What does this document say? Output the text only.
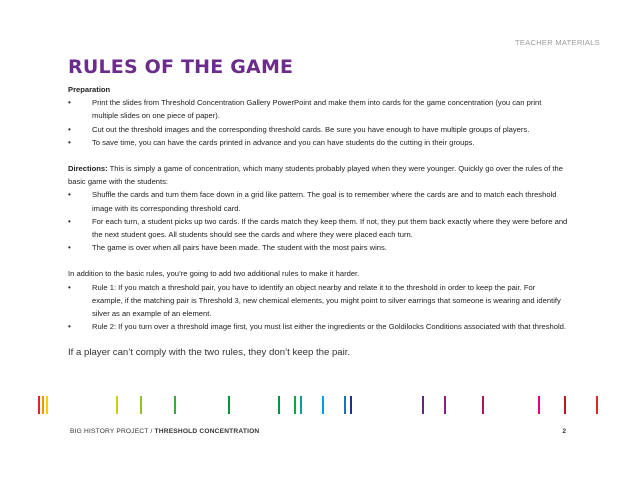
TEACHER MATERIALS
RULES OF THE GAME
Preparation
• Print the slides from Threshold Concentration Gallery PowerPoint and make them into cards for the game concentration (you can print multiple slides on one piece of paper).
• Cut out the threshold images and the corresponding threshold cards. Be sure you have enough to have multiple groups of players.
• To save time, you can have the cards printed in advance and you can have students do the cutting in their groups.
Directions: This is simply a game of concentration, which many students probably played when they were younger. Quickly go over the rules of the basic game with the students:
• Shuffle the cards and turn them face down in a grid like pattern. The goal is to remember where the cards are and to match each threshold image with its corresponding threshold card.
• For each turn, a student picks up two cards. If the cards match they keep them. If not, they put them back exactly where they were before and the next student goes. All students should see the cards and where they were placed each turn.
• The game is over when all pairs have been made. The student with the most pairs wins.
In addition to the basic rules, you’re going to add two additional rules to make it harder.
• Rule 1: If you match a threshold pair, you have to identify an object nearby and relate it to the threshold in order to keep the pair. For example, if the matching pair is Threshold 3, new chemical elements, you might point to silver earrings that someone is wearing and identify silver as an example of an element.
• Rule 2: If you turn over a threshold image first, you must list either the ingredients or the Goldilocks Conditions associated with that threshold.
If a player can’t comply with the two rules, they don’t keep the pair.
BIG HISTORY PROJECT / THRESHOLD CONCENTRATION	2
